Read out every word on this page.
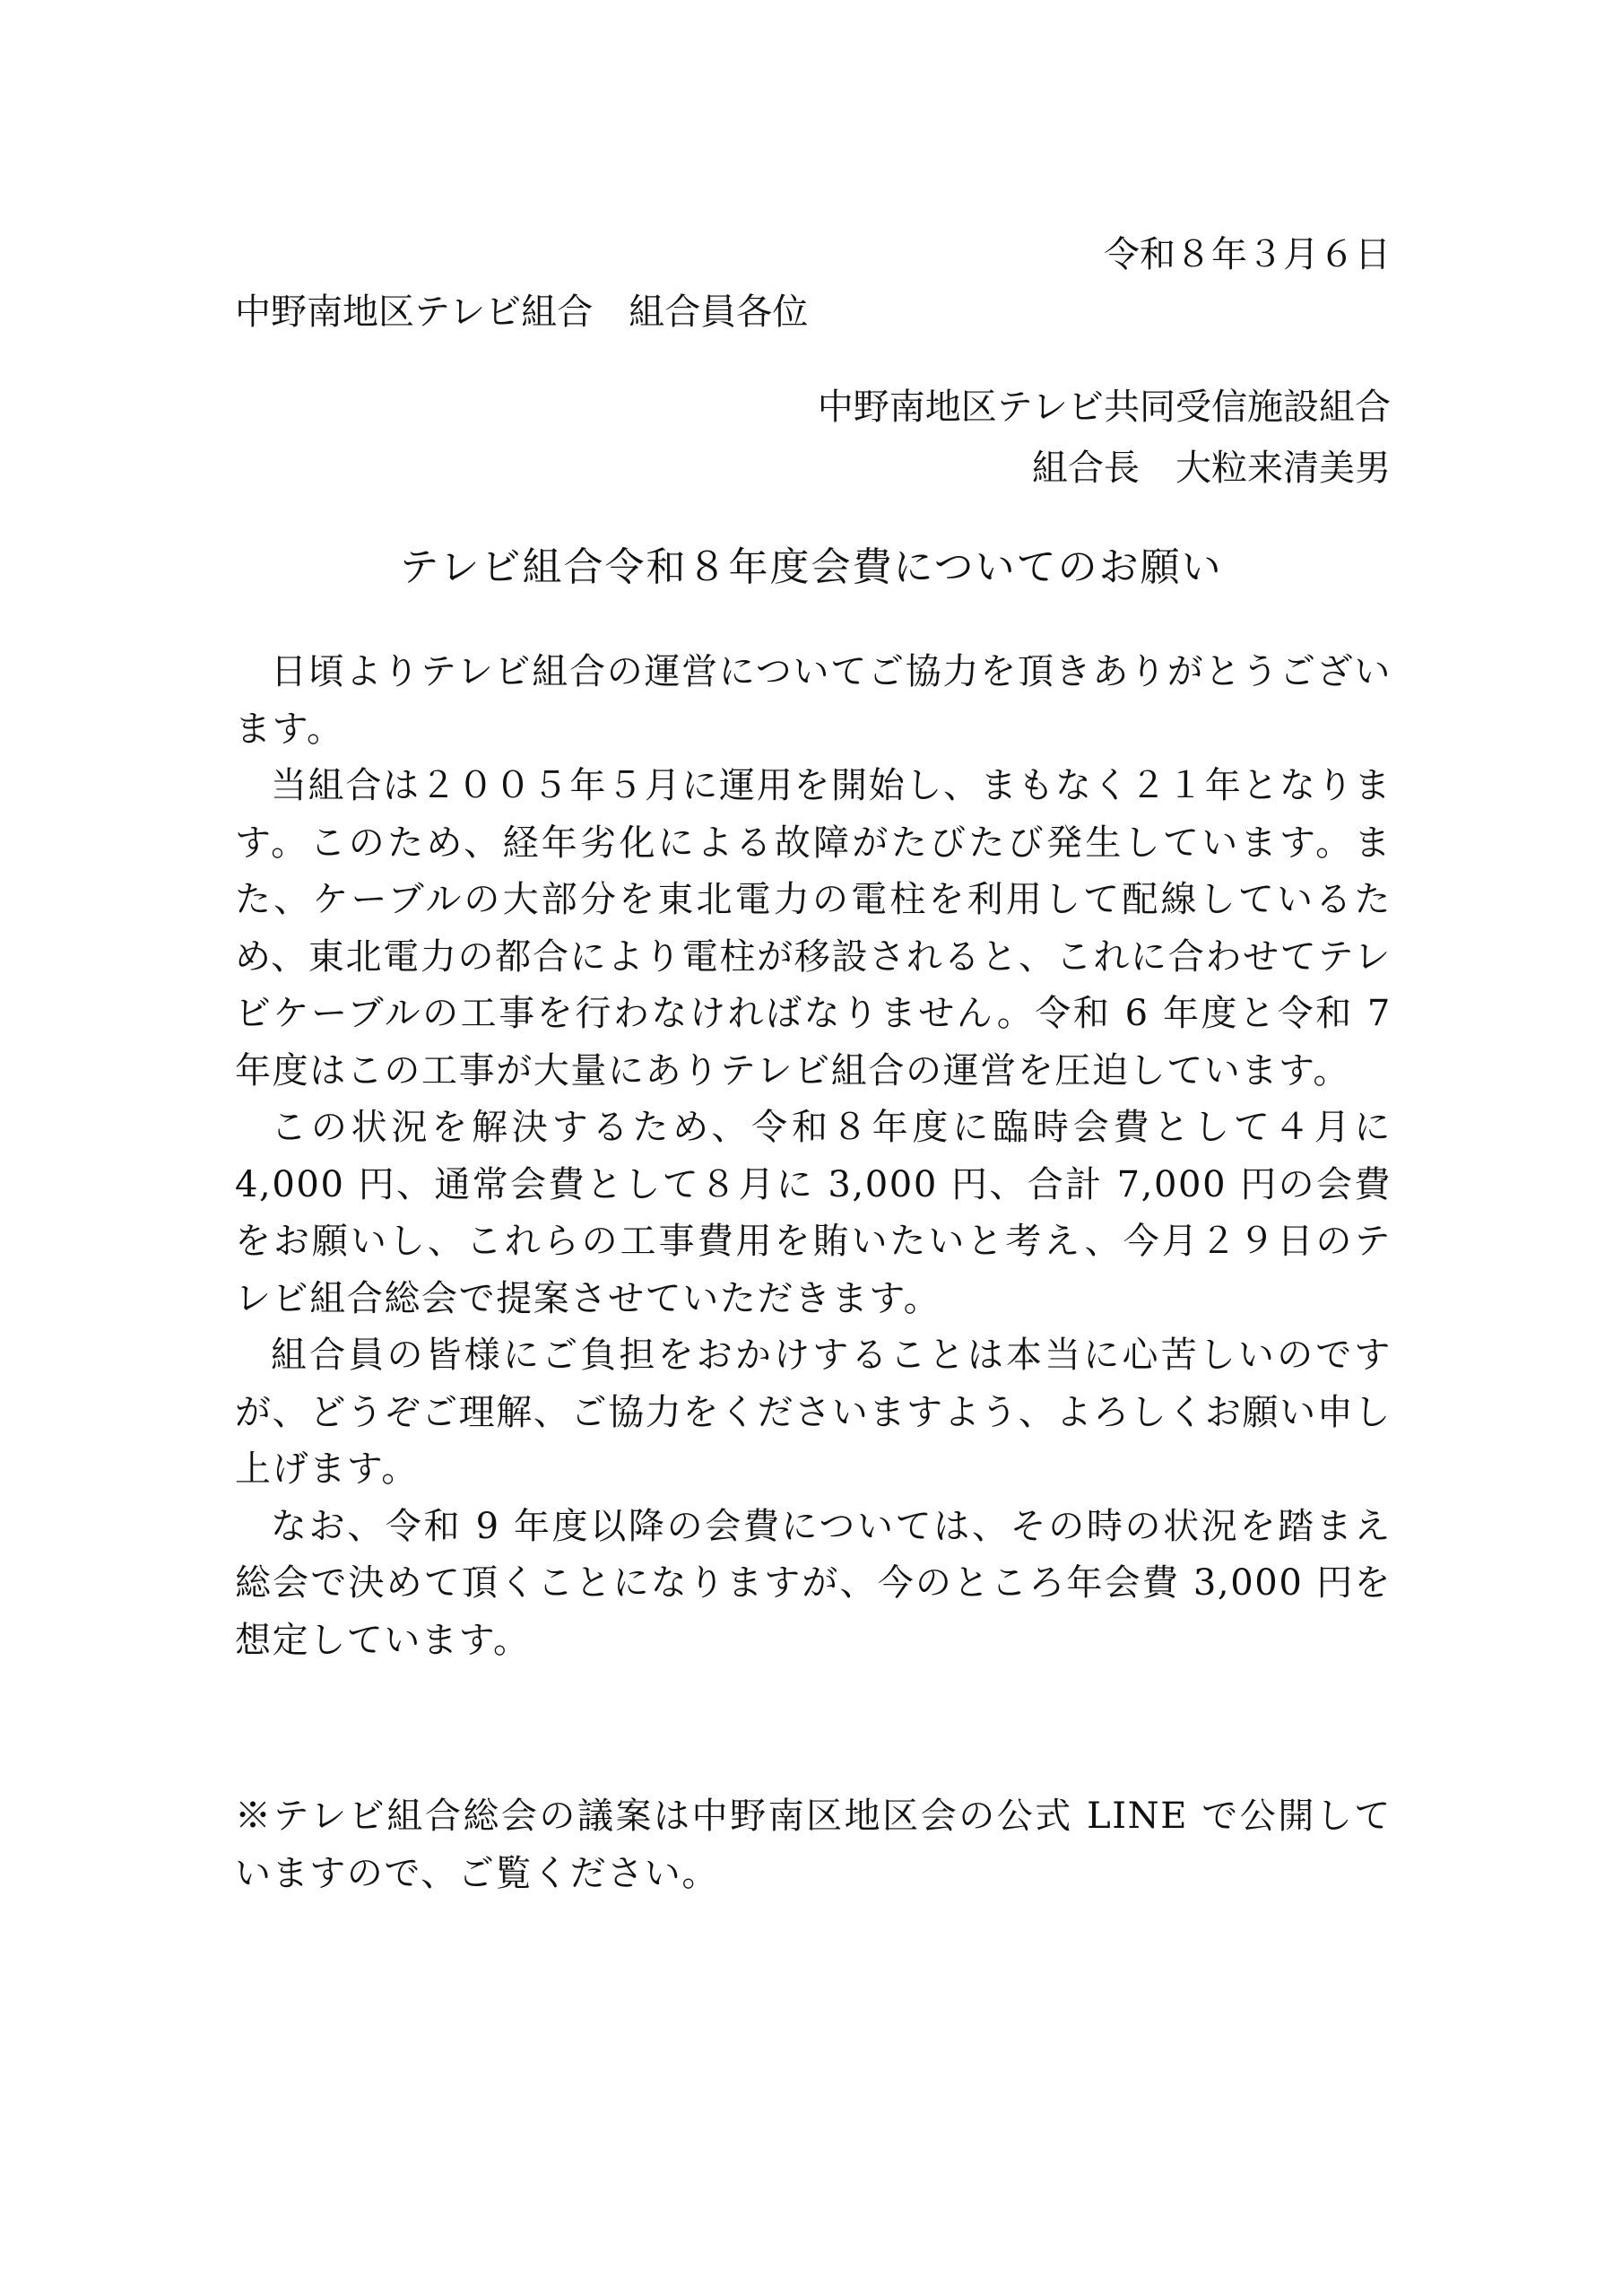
令和８年３月６日
中野南地区テレビ組合　組合員各位
中野南地区テレビ共同受信施設組合
組合長　大粒来清美男
テレビ組合令和８年度会費についてのお願い

日頃よりテレビ組合の運営についてご協力を頂きありがとうございます。

当組合は２００５年５月に運用を開始し、まもなく２１年となります。このため、経年劣化による故障がたびたび発生しています。また、ケーブルの大部分を東北電力の電柱を利用して配線しているため、東北電力の都合により電柱が移設されると、これに合わせてテレビケーブルの工事を行わなければなりません。令和 6 年度と令和 7 年度はこの工事が大量にありテレビ組合の運営を圧迫しています。

この状況を解決するため、令和８年度に臨時会費として４月に 4,000 円、通常会費として８月に 3,000 円、合計 7,000 円の会費をお願いし、これらの工事費用を賄いたいと考え、今月２９日のテレビ組合総会で提案させていただきます。

組合員の皆様にご負担をおかけすることは本当に心苦しいのですが、どうぞご理解、ご協力をくださいますよう、よろしくお願い申し上げます。

なお、令和 9 年度以降の会費については、その時の状況を踏まえ総会で決めて頂くことになりますが、今のところ年会費 3,000 円を想定しています。

※テレビ組合総会の議案は中野南区地区会の公式 LINE で公開していますので、ご覧ください。
